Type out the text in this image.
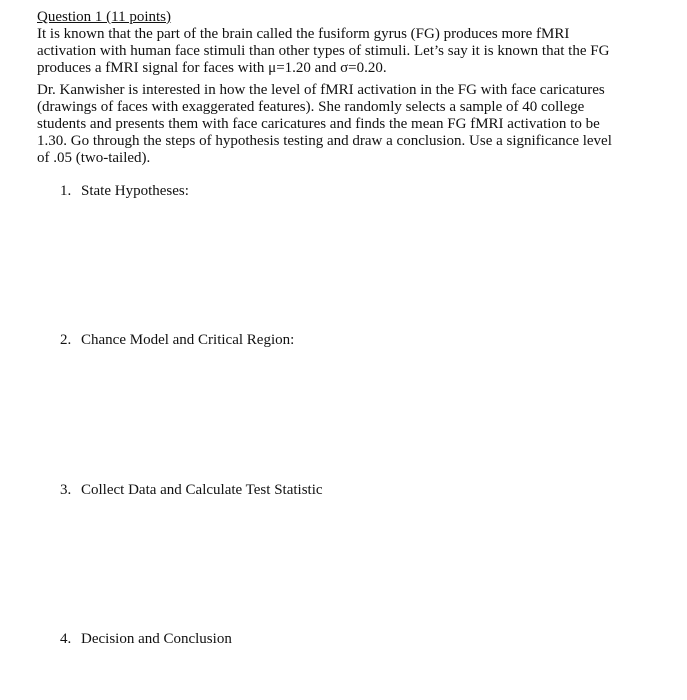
Question 1 (11 points)
It is known that the part of the brain called the fusiform gyrus (FG) produces more fMRI
activation with human face stimuli than other types of stimuli. Let’s say it is known that the FG
produces a fMRI signal for faces with μ=1.20 and σ=0.20.
Dr. Kanwisher is interested in how the level of fMRI activation in the FG with face caricatures
(drawings of faces with exaggerated features). She randomly selects a sample of 40 college
students and presents them with face caricatures and finds the mean FG fMRI activation to be
1.30. Go through the steps of hypothesis testing and draw a conclusion. Use a significance level
of .05 (two-tailed).
1. State Hypotheses:
2. Chance Model and Critical Region:
3. Collect Data and Calculate Test Statistic
4. Decision and Conclusion
